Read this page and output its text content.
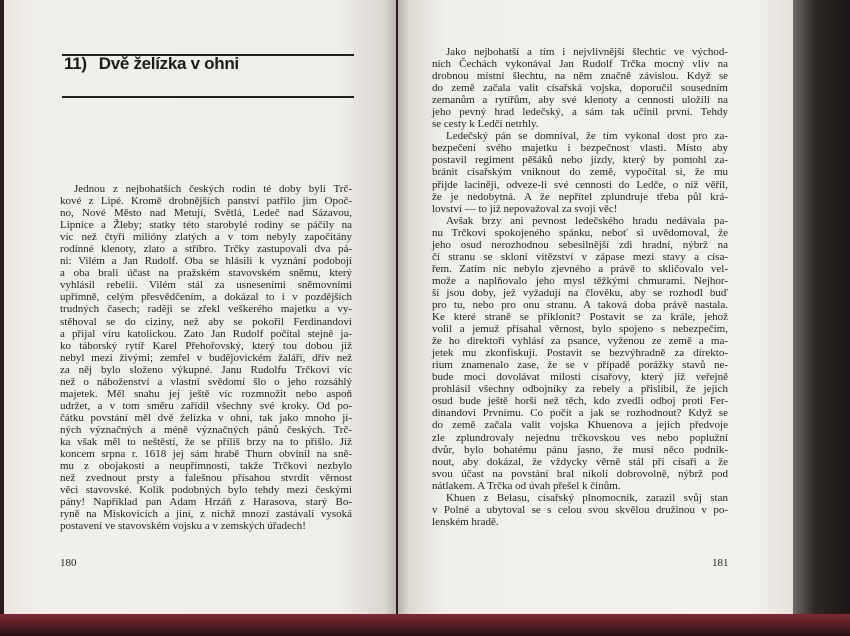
11) Dvě želízka v ohni
Jednou z nejbohatších českých rodin té doby byli Trč-
kové z Lipé. Kromě drobnějších panství patřilo jim Opoč-
no, Nové Město nad Metují, Světlá, Ledeč nad Sázavou,
Lipnice a Žleby; statky této starobylé rodiny se páčily na
víc než čtyři milióny zlatých a v tom nebyly započítány
rodinné klenoty, zlato a stříbro. Trčky zastupovali dva pá-
ni: Vilém a Jan Rudolf. Oba se hlásili k vyznání podobojí
a oba brali účast na pražském stavovském sněmu, který
vyhlásil rebelii. Vilém stál za usneseními sněmovními
upřímně, celým přesvědčením, a dokázal to i v pozdějších
trudných časech; raději se zřekl veškerého majetku a vy-
stěhoval se do ciziny, než aby se pokořil Ferdinandovi
a přijal víru katolickou. Zato Jan Rudolf počítal stejně ja-
ko táborský rytíř Karel Přehořovský, který tou dobou již
nebyl mezi živými; zemřel v budějovickém žaláři, dřív než
za něj bylo složeno výkupné. Janu Rudolfu Trčkovi víc
než o náboženství a vlastní svědomí šlo o jeho rozsáhlý
majetek. Měl snahu jej ještě víc rozmnožit nebo aspoň
udržet, a v tom směru zařídil všechny své kroky. Od po-
čátku povstání měl dvě želízka v ohni, tak jako mnoho ji-
ných význačných a méně význačných pánů českých. Trč-
ka však měl to neštěstí, že se příliš brzy na to přišlo. Již
koncem srpna r. 1618 jej sám hrabě Thurn obvinil na sně-
mu z obojakosti a neupřímnosti, takže Trčkovi nezbylo
než zvednout prsty a falešnou přísahou stvrdit věrnost
věci stavovské. Kolik podobných bylo tehdy mezi českými
pány! Například pan Adam Hrzáň z Harasova, starý Bo-
ryně na Miskovicích a jiní, z nichž mnozí zastávali vysoká
postavení ve stavovském vojsku a v zemských úřadech!
180
Jako nejbohatší a tím i nejvlivnější šlechtic ve východ-
ních Čechách vykonával Jan Rudolf Trčka mocný vliv na
drobnou místní šlechtu, na něm značně závislou. Když se
do země začala valit císařská vojska, doporučil sousedním
zemanům a rytířům, aby své klenoty a cennosti uložili na
jeho pevný hrad ledečský, a sám tak učinil první. Tehdy
se cesty k Ledči netrhly.
Ledečský pán se domníval, že tím vykonal dost pro za-
bezpečení svého majetku i bezpečnost vlasti. Místo aby
postavil regiment pěšáků nebo jízdy, který by pomohl za-
bránit císařským vniknout do země, vypočítal si, že mu
přijde laciněji, odveze-li své cennosti do Ledče, o níž věřil,
že je nedobytná. A že nepřítel zplundruje třeba půl krá-
lovství — to již nepovažoval za svoji věc!
Avšak brzy ani pevnost ledečského hradu nedávala pa-
nu Trčkovi spokojeného spánku, neboť si uvědomoval, že
jeho osud nerozhodnou sebesilnější zdi hradní, nýbrž na
čí stranu se skloní vítězství v zápase mezi stavy a císa-
řem. Zatím nic nebylo zjevného a právě to skličovalo vel-
može a naplňovalo jeho mysl těžkými chmurami. Nejhor-
ší jsou doby, jež vyžadují na člověku, aby se rozhodl buď
pro tu, nebo pro onu stranu. A taková doba právě nastala.
Ke které straně se přiklonit? Postavit se za krále, jehož
volil a jemuž přísahal věrnost, bylo spojeno s nebezpečím,
že ho direktoři vyhlásí za psance, vyženou ze země a ma-
jetek mu zkonfiskují. Postavit se bezvýhradně za direkto-
rium znamenalo zase, že se v případě porážky stavů ne-
bude moci dovolávat milosti císařovy, který již veřejně
prohlásil všechny odbojníky za rebely a přislíbil, že jejich
osud bude ještě horší než těch, kdo zvedli odboj proti Fer-
dinandovi Prvnímu. Co počít a jak se rozhodnout? Když se
do země začala valit vojska Khuenova a jejich předvoje
zle zplundrovaly nejednu trčkovskou ves nebo poplužní
dvůr, bylo bohatému pánu jasno, že musí něco podnik-
nout, aby dokázal, že vždycky věrně stál při císaři a že
svou účast na povstání bral nikoli dobrovolně, nýbrž pod
nátlakem. A Trčka od úvah přešel k činům.
Khuen z Belasu, císařský plnomocník, zarazil svůj stan
v Polné a ubytoval se s celou svou skvělou družinou v po-
lenském hradě.
181
